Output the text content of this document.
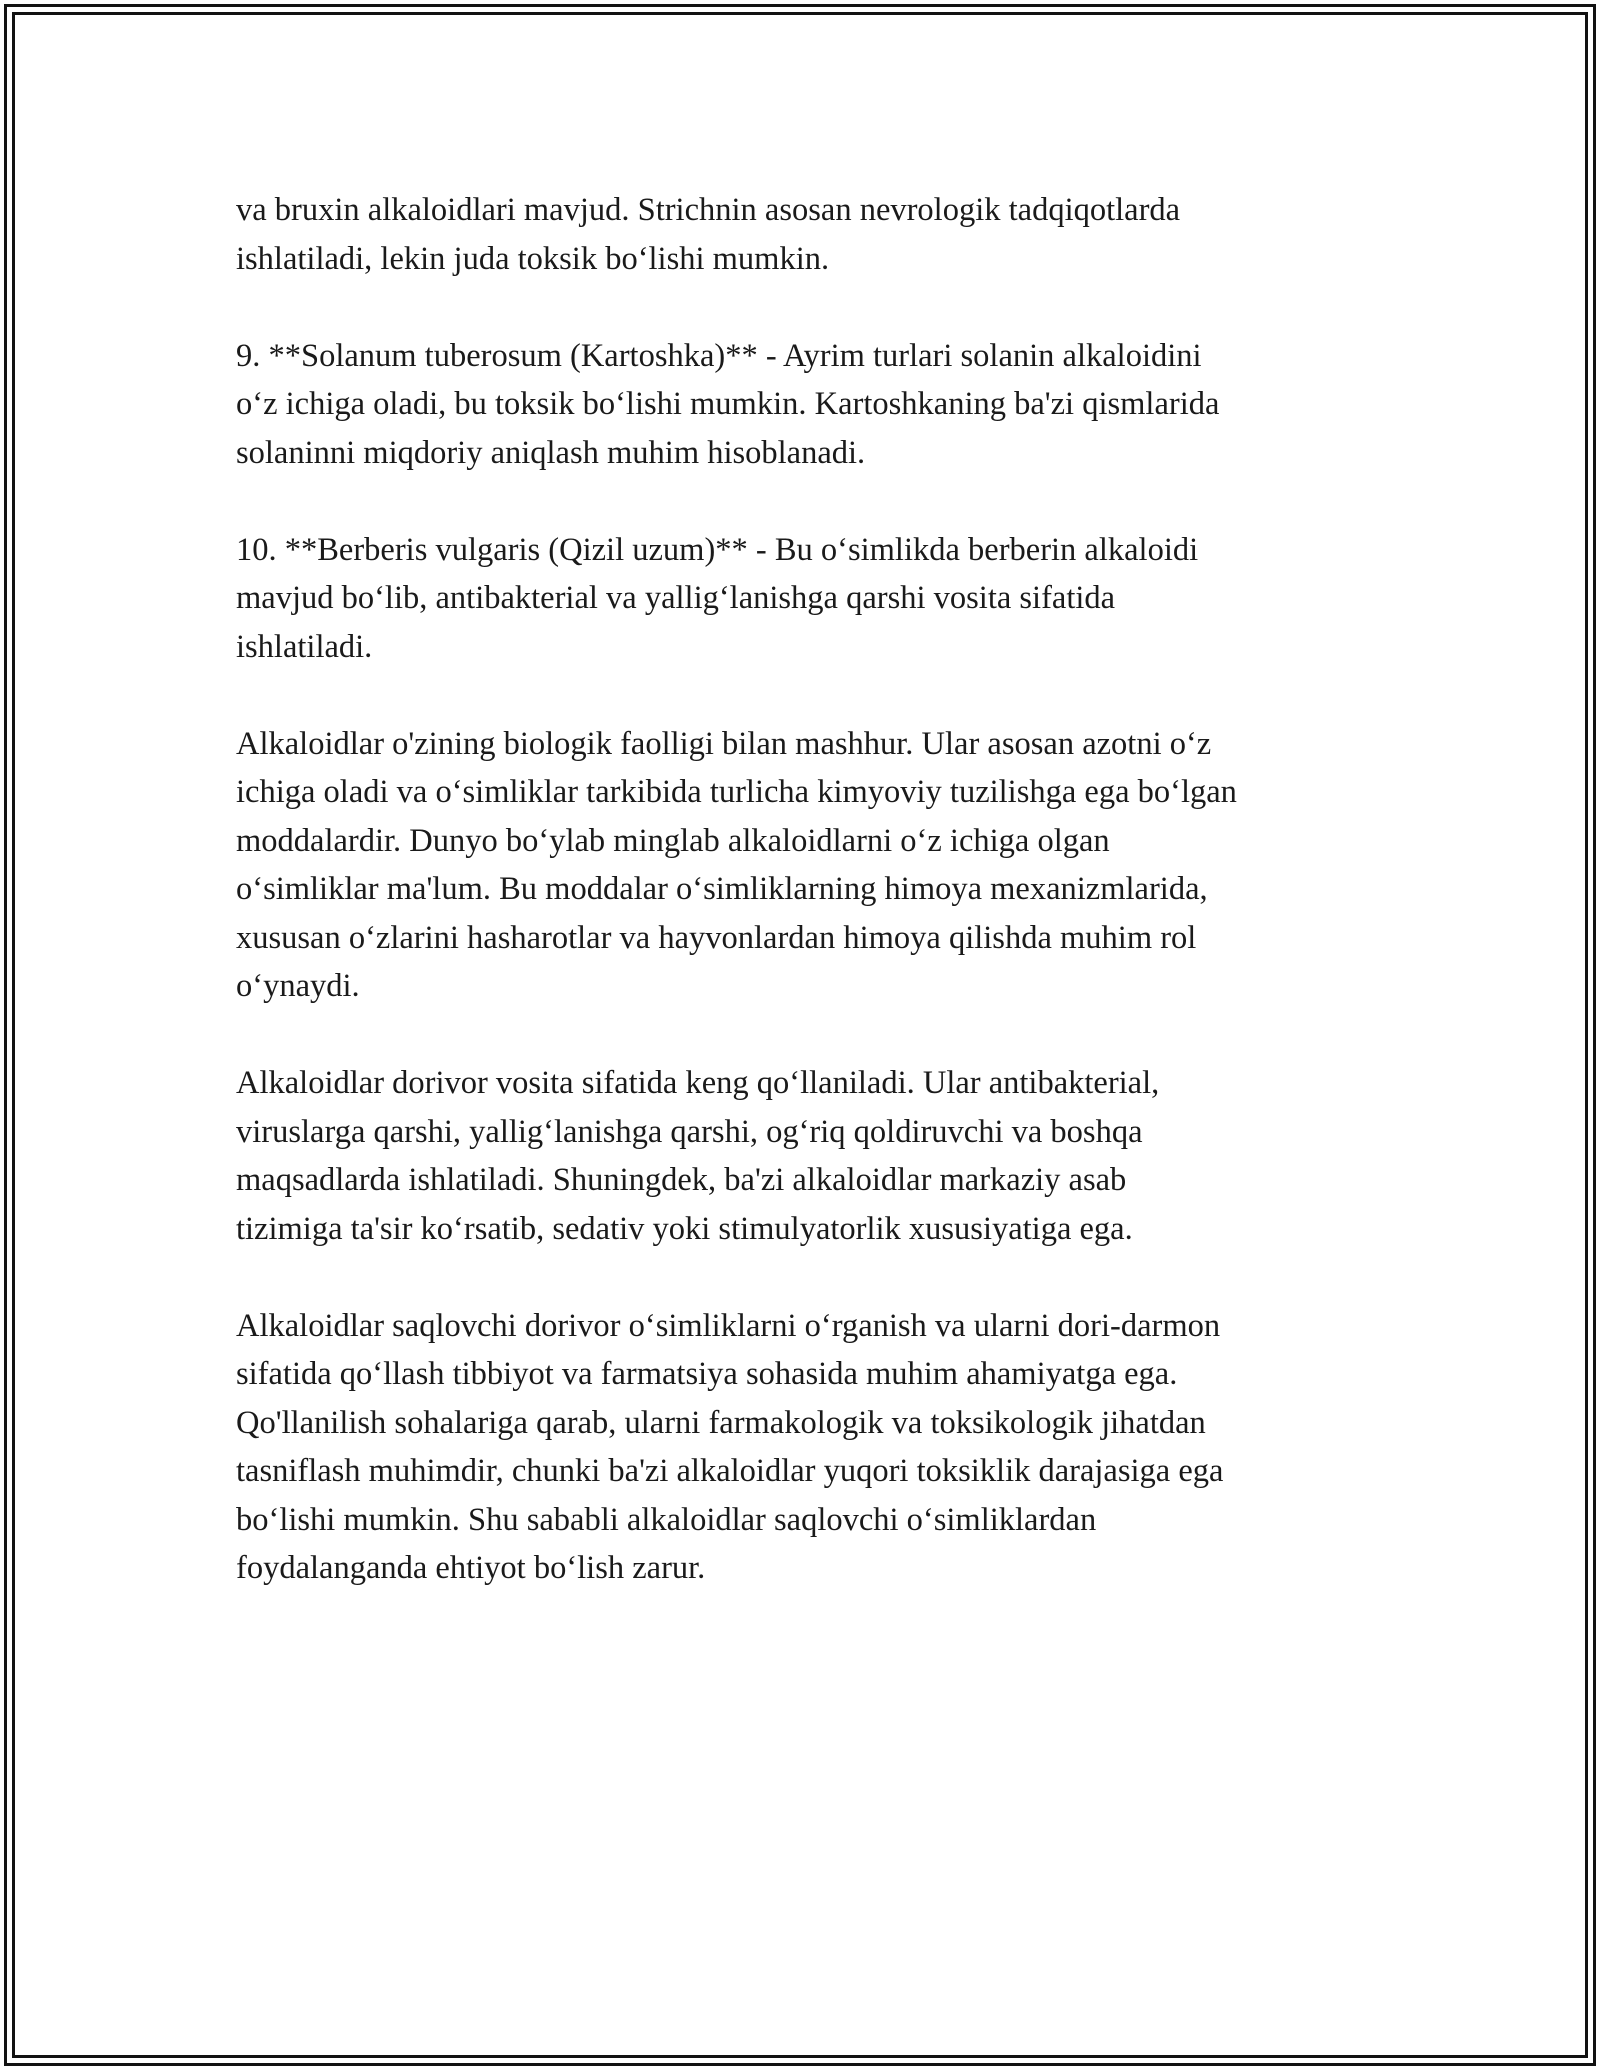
va bruxin alkaloidlari mavjud. Strichnin asosan nevrologik tadqiqotlarda
ishlatiladi, lekin juda toksik bo‘lishi mumkin.

9. **Solanum tuberosum (Kartoshka)** - Ayrim turlari solanin alkaloidini
o‘z ichiga oladi, bu toksik bo‘lishi mumkin. Kartoshkaning ba'zi qismlarida
solaninni miqdoriy aniqlash muhim hisoblanadi.

10. **Berberis vulgaris (Qizil uzum)** - Bu o‘simlikda berberin alkaloidi
mavjud bo‘lib, antibakterial va yallig‘lanishga qarshi vosita sifatida
ishlatiladi.

Alkaloidlar o'zining biologik faolligi bilan mashhur. Ular asosan azotni o‘z
ichiga oladi va o‘simliklar tarkibida turlicha kimyoviy tuzilishga ega bo‘lgan
moddalardir. Dunyo bo‘ylab minglab alkaloidlarni o‘z ichiga olgan
o‘simliklar ma'lum. Bu moddalar o‘simliklarning himoya mexanizmlarida,
xususan o‘zlarini hasharotlar va hayvonlardan himoya qilishda muhim rol
o‘ynaydi.

Alkaloidlar dorivor vosita sifatida keng qo‘llaniladi. Ular antibakterial,
viruslarga qarshi, yallig‘lanishga qarshi, og‘riq qoldiruvchi va boshqa
maqsadlarda ishlatiladi. Shuningdek, ba'zi alkaloidlar markaziy asab
tizimiga ta'sir ko‘rsatib, sedativ yoki stimulyatorlik xususiyatiga ega.

Alkaloidlar saqlovchi dorivor o‘simliklarni o‘rganish va ularni dori-darmon
sifatida qo‘llash tibbiyot va farmatsiya sohasida muhim ahamiyatga ega.
Qo'llanilish sohalariga qarab, ularni farmakologik va toksikologik jihatdan
tasniflash muhimdir, chunki ba'zi alkaloidlar yuqori toksiklik darajasiga ega
bo‘lishi mumkin. Shu sababli alkaloidlar saqlovchi o‘simliklardan
foydalanganda ehtiyot bo‘lish zarur.
